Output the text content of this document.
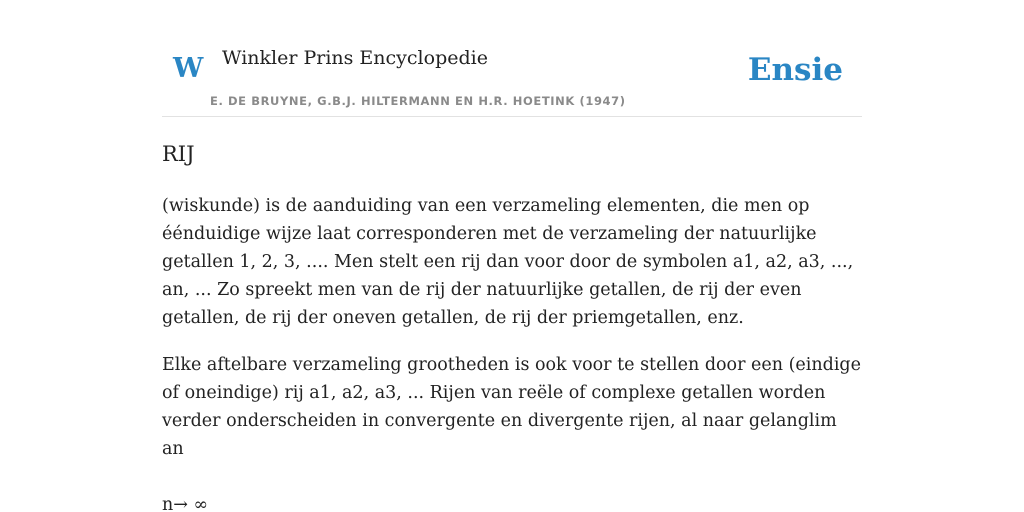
W Winkler Prins Encyclopedie
E. DE BRUYNE, G.B.J. HILTERMANN EN H.R. HOETINK (1947)
Ensie
RIJ

(wiskunde) is de aanduiding van een verzameling elementen, die men op éénduidige wijze laat corresponderen met de verzameling der natuurlijke getallen 1, 2, 3, .... Men stelt een rij dan voor door de symbolen a1, a2, a3, ..., an, ... Zo spreekt men van de rij der natuurlijke getallen, de rij der even getallen, de rij der oneven getallen, de rij der priemgetallen, enz.

Elke aftelbare verzameling grootheden is ook voor te stellen door een (eindige of oneindige) rij a1, a2, a3, ... Rijen van reële of complexe getallen worden verder onderscheiden in convergente en divergente rijen, al naar gelanglim an

n→ ∞
